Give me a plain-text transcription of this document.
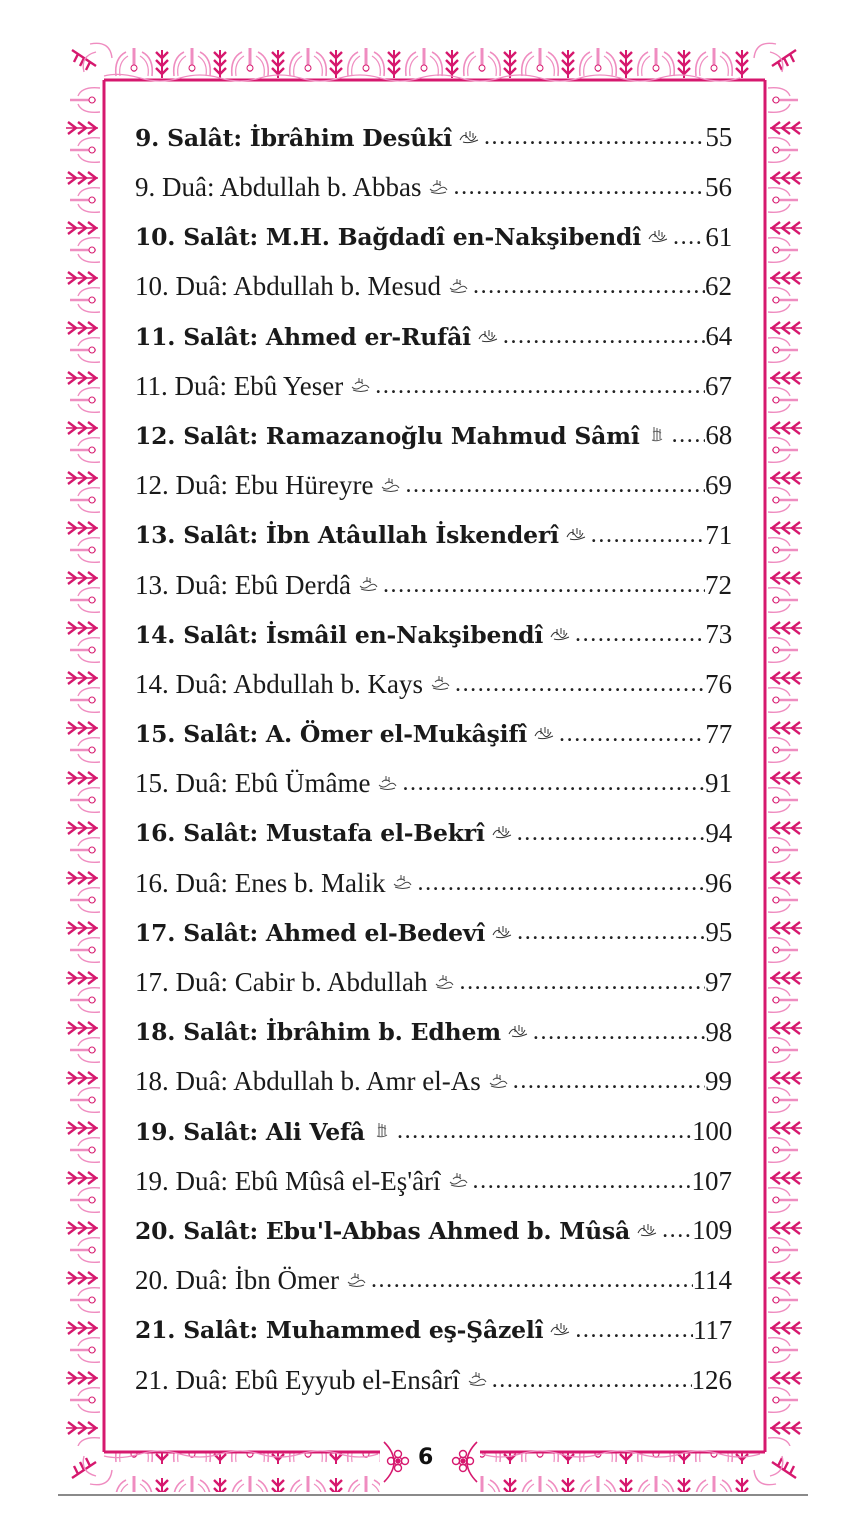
9. Salât: İbrâhim Desûkî .....	55
9. Duâ: Abdullah b. Abbas .....	56
10. Salât: M.H. Bağdadî en-Nakşibendî ..... 61
10. Duâ: Abdullah b. Mesud .....	62
11. Salât: Ahmed er-Rufâî .....	64
11. Duâ: Ebû Yeser .....	67
12. Salât: Ramazanoğlu Mahmud Sâmî ..... 68
12. Duâ: Ebu Hüreyre .....	69
13. Salât: İbn Atâullah İskenderî .....	71
13. Duâ: Ebû Derdâ .....	72
14. Salât: İsmâil en-Nakşibendî .....	73
14. Duâ: Abdullah b. Kays .....	76
15. Salât: A. Ömer el-Mukâşifî .....	77
15. Duâ: Ebû Ümâme .....	91
16. Salât: Mustafa el-Bekrî .....	94
16. Duâ: Enes b. Malik .....	96
17. Salât: Ahmed el-Bedevî .....	95
17. Duâ: Cabir b. Abdullah .....	97
18. Salât: İbrâhim b. Edhem .....	98
18. Duâ: Abdullah b. Amr el-As .....	99
19. Salât: Ali Vefâ .....	100
19. Duâ: Ebû Mûsâ el-Eş'ârî .....	107
20. Salât: Ebu'l-Abbas Ahmed b. Mûsâ ..... 109
20. Duâ: İbn Ömer .....	114
21. Salât: Muhammed eş-Şâzelî .....	117
21. Duâ: Ebû Eyyub el-Ensârî .....	126
6
